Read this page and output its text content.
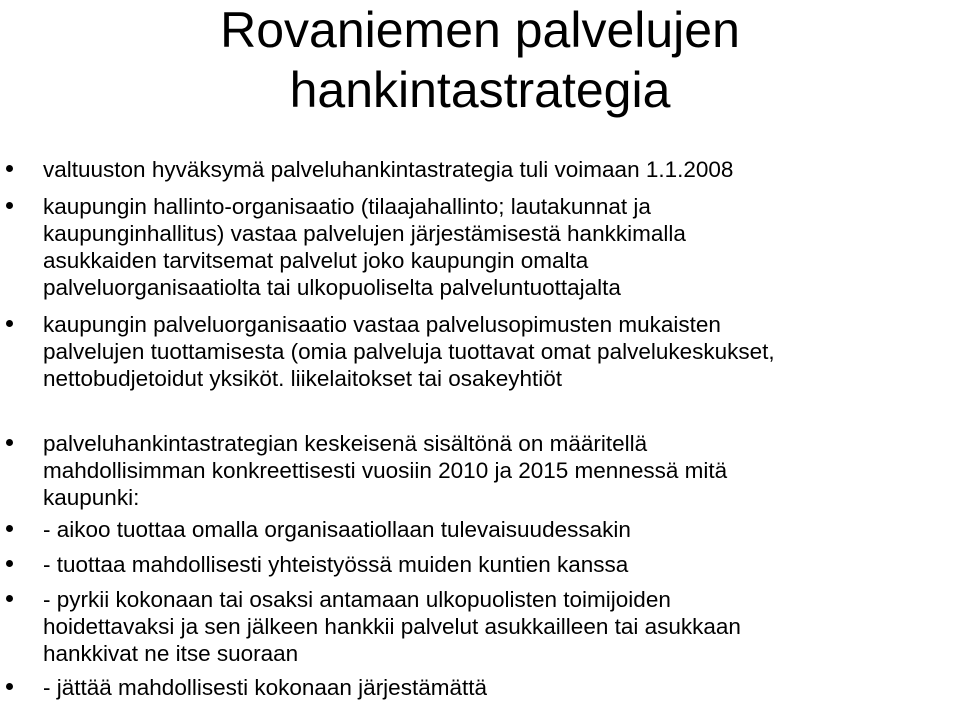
Rovaniemen palvelujen
hankintastrategia
valtuuston hyväksymä palveluhankintastrategia tuli voimaan 1.1.2008
kaupungin hallinto-organisaatio (tilaajahallinto; lautakunnat ja
kaupunginhallitus) vastaa palvelujen järjestämisestä hankkimalla
asukkaiden tarvitsemat palvelut joko kaupungin omalta
palveluorganisaatiolta tai ulkopuoliselta palveluntuottajalta
kaupungin palveluorganisaatio vastaa palvelusopimusten mukaisten
palvelujen tuottamisesta (omia palveluja tuottavat omat palvelukeskukset,
nettobudjetoidut yksiköt. liikelaitokset tai osakeyhtiöt
palveluhankintastrategian keskeisenä sisältönä on määritellä
mahdollisimman konkreettisesti vuosiin 2010 ja 2015 mennessä mitä
kaupunki:
- aikoo tuottaa omalla organisaatiollaan tulevaisuudessakin
- tuottaa mahdollisesti yhteistyössä muiden kuntien kanssa
- pyrkii kokonaan tai osaksi antamaan ulkopuolisten toimijoiden
hoidettavaksi ja sen jälkeen hankkii palvelut asukkailleen tai asukkaan
hankkivat ne itse suoraan
- jättää mahdollisesti kokonaan järjestämättä
